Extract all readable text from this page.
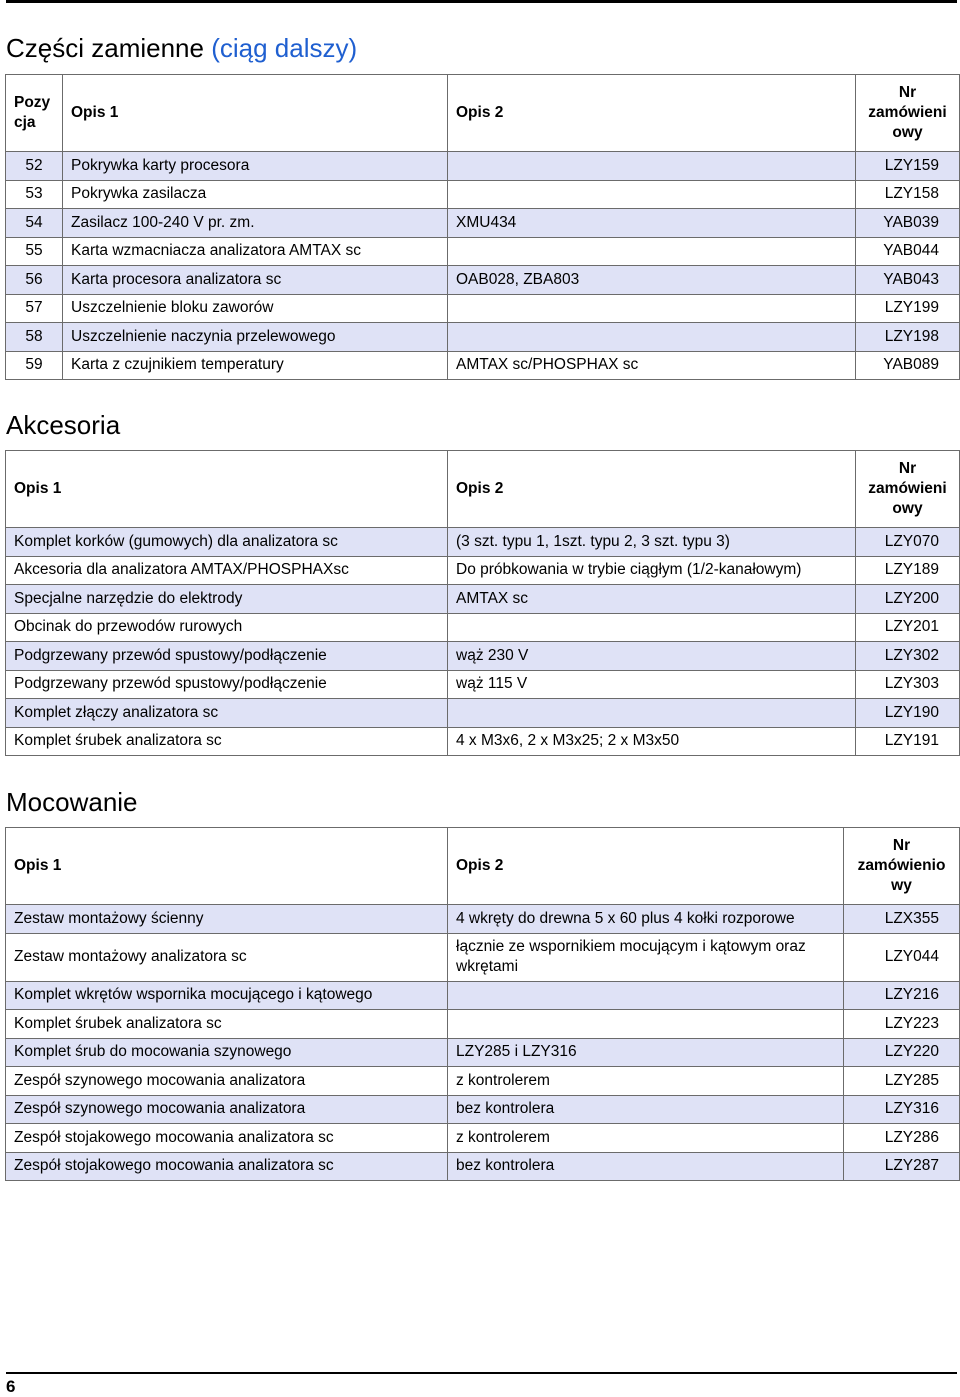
Części zamienne (ciąg dalszy)
Pozy cja	Opis 1	Opis 2	Nr zamówieni owy
52	Pokrywka karty procesora		LZY159
53	Pokrywka zasilacza		LZY158
54	Zasilacz 100-240 V pr. zm.	XMU434	YAB039
55	Karta wzmacniacza analizatora AMTAX sc		YAB044
56	Karta procesora analizatora sc	OAB028, ZBA803	YAB043
57	Uszczelnienie bloku zaworów		LZY199
58	Uszczelnienie naczynia przelewowego		LZY198
59	Karta z czujnikiem temperatury	AMTAX sc/PHOSPHAX sc	YAB089
Akcesoria
Opis 1	Opis 2	Nr zamówieni owy
Komplet korków (gumowych) dla analizatora sc	(3 szt. typu 1, 1szt. typu 2, 3 szt. typu 3)	LZY070
Akcesoria dla analizatora AMTAX/PHOSPHAXsc	Do próbkowania w trybie ciągłym (1/2-kanałowym)	LZY189
Specjalne narzędzie do elektrody	AMTAX sc	LZY200
Obcinak do przewodów rurowych		LZY201
Podgrzewany przewód spustowy/podłączenie	wąż 230 V	LZY302
Podgrzewany przewód spustowy/podłączenie	wąż 115 V	LZY303
Komplet złączy analizatora sc		LZY190
Komplet śrubek analizatora sc	4 x M3x6, 2 x M3x25; 2 x M3x50	LZY191
Mocowanie
Opis 1	Opis 2	Nr zamówienio wy
Zestaw montażowy ścienny	4 wkręty do drewna 5 x 60 plus 4 kołki rozporowe	LZX355
Zestaw montażowy analizatora sc	łącznie ze wspornikiem mocującym i kątowym oraz wkrętami	LZY044
Komplet wkrętów wspornika mocującego i kątowego		LZY216
Komplet śrubek analizatora sc		LZY223
Komplet śrub do mocowania szynowego	LZY285 i LZY316	LZY220
Zespół szynowego mocowania analizatora	z kontrolerem	LZY285
Zespół szynowego mocowania analizatora	bez kontrolera	LZY316
Zespół stojakowego mocowania analizatora sc	z kontrolerem	LZY286
Zespół stojakowego mocowania analizatora sc	bez kontrolera	LZY287
6
